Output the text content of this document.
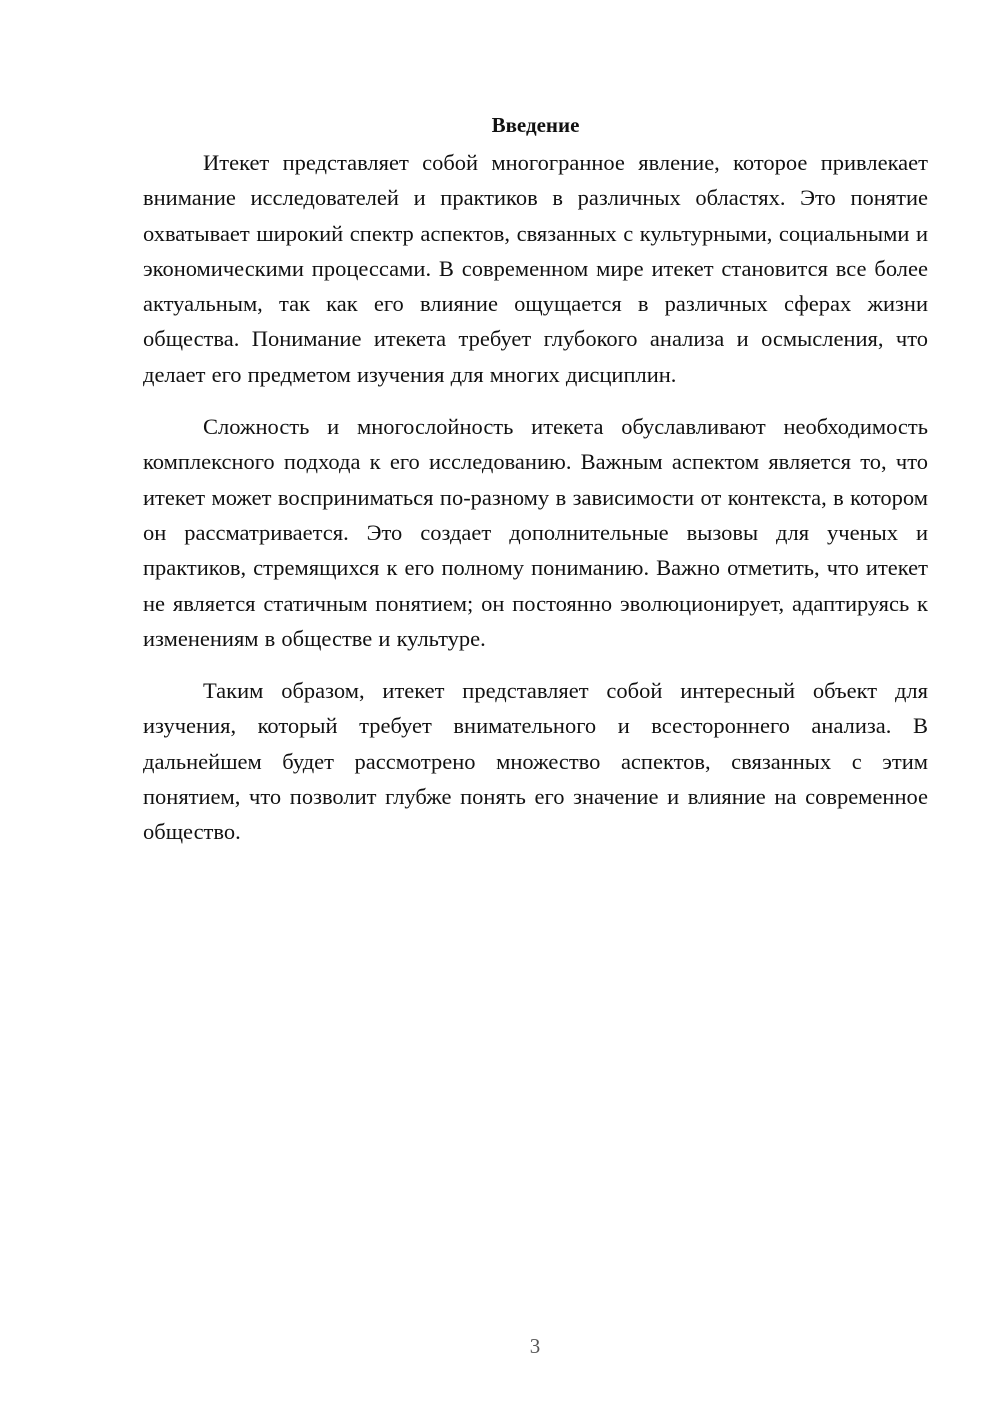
Введение

Итекет представляет собой многогранное явление, которое привлекает внимание исследователей и практиков в различных областях. Это понятие охватывает широкий спектр аспектов, связанных с культурными, социальными и экономическими процессами. В современном мире итекет становится все более актуальным, так как его влияние ощущается в различных сферах жизни общества. Понимание итекета требует глубокого анализа и осмысления, что делает его предметом изучения для многих дисциплин.

Сложность и многослойность итекета обуславливают необходимость комплексного подхода к его исследованию. Важным аспектом является то, что итекет может восприниматься по-разному в зависимости от контекста, в котором он рассматривается. Это создает дополнительные вызовы для ученых и практиков, стремящихся к его полному пониманию. Важно отметить, что итекет не является статичным понятием; он постоянно эволюционирует, адаптируясь к изменениям в обществе и культуре.

Таким образом, итекет представляет собой интересный объект для изучения, который требует внимательного и всестороннего анализа. В дальнейшем будет рассмотрено множество аспектов, связанных с этим понятием, что позволит глубже понять его значение и влияние на современное общество.

3
